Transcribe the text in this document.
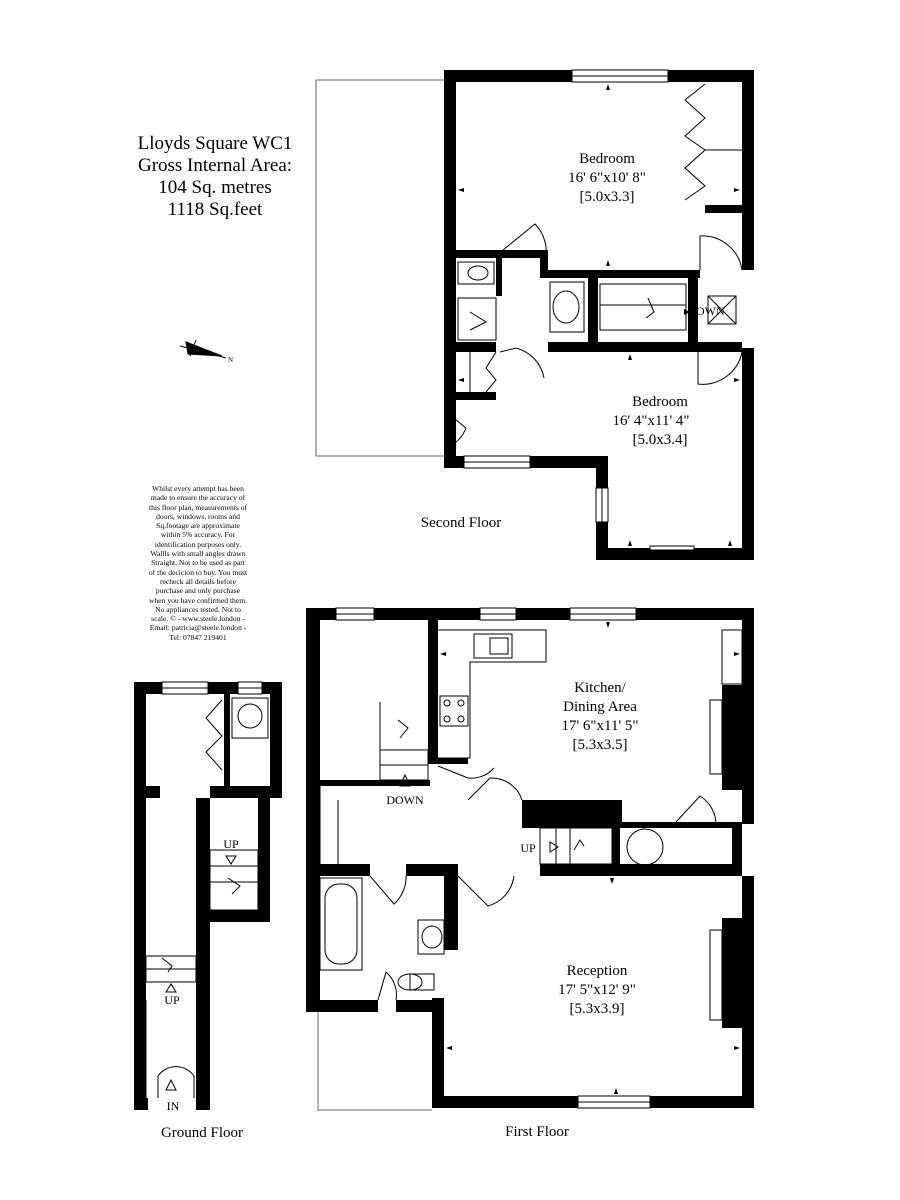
Lloyds Square WC1
Gross Internal Area:
104 Sq. metres
1118 Sq.feet
Whilst every attempt has been
made to ensure the accuracy of
this floor plan, measurements of
doors, windows, rooms and
Sq.footage are approximate
within 5% accuracy. For
identification purposes only.
Wallls with small angles drawn
Straight. Not to be used as part
of the decicion to buy. You must
recheck all details before
purchase and only purchase
when you have confirmed them.
No appliances tested. Not to
scale. © - www.steele.london -
Email: patricia@steele.london -
Tel: 07847 219401
Bedroom
16' 6"x10' 8"
[5.0x3.3]
Bedroom
16' 4"x11' 4"
[5.0x3.4]
DOWN
Second Floor
N
Kitchen/
Dining Area
17' 6"x11' 5"
[5.3x3.5]
Reception
17' 5"x12' 9"
[5.3x3.9]
DOWN
UP
First Floor
UP
UP
IN
Ground Floor
